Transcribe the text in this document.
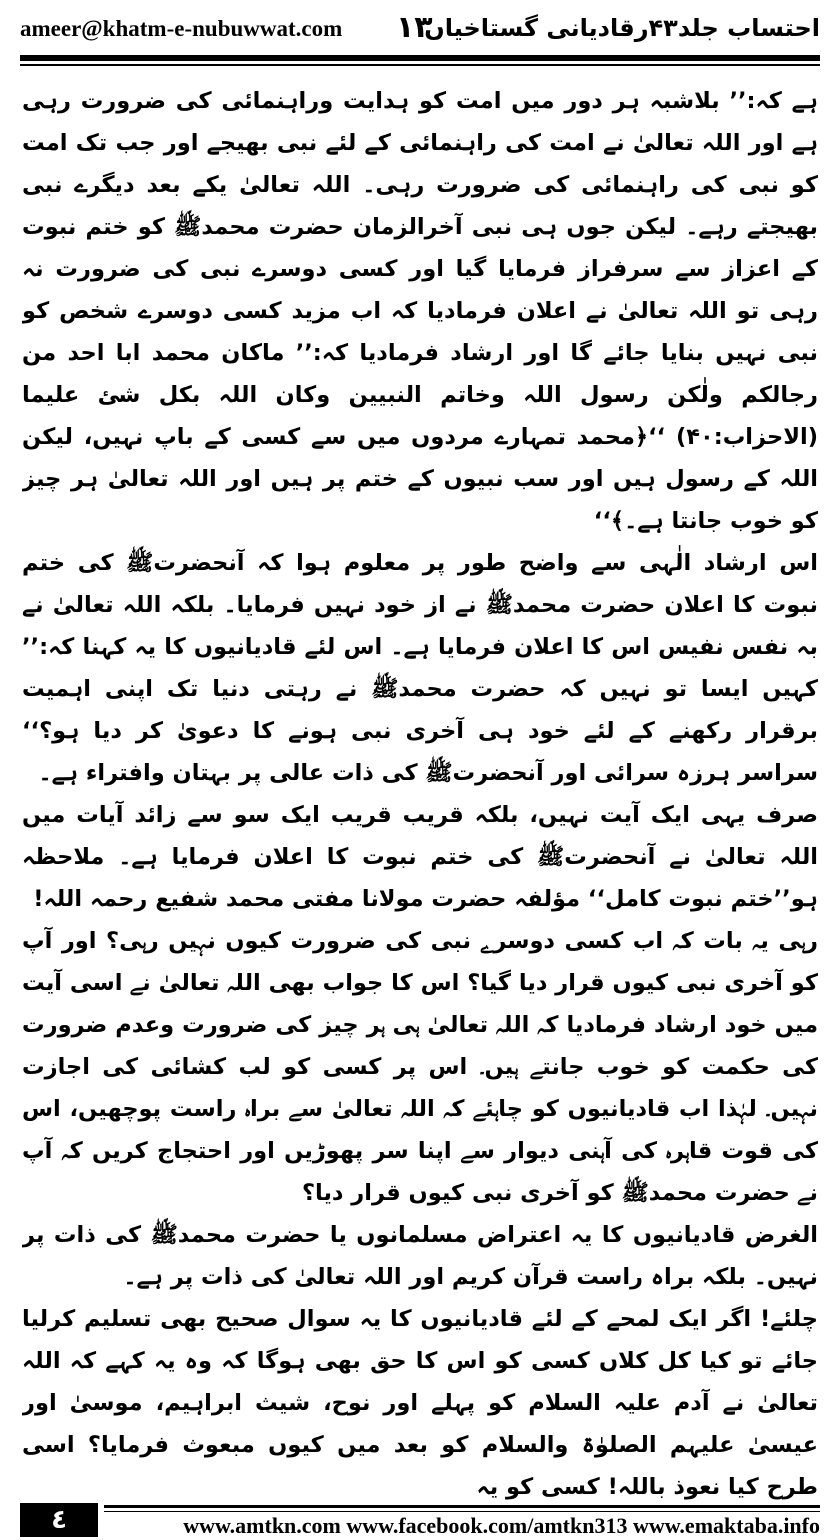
ameer@khatm-e-nubuwwat.com ۱۳
احتساب جلد۴۳رقادیانی گستاخیاں

ہے کہ:’’ بلاشبہ ہر دور میں امت کو ہدایت وراہنمائی کی ضرورت رہی ہے اور اللہ تعالیٰ نے امت کی راہنمائی کے لئے نبی بھیجے اور جب تک امت کو نبی کی راہنمائی کی ضرورت رہی۔ اللہ تعالیٰ یکے بعد دیگرے نبی بھیجتے رہے۔ لیکن جوں ہی نبی آخرالزمان حضرت محمدﷺ کو ختم نبوت کے اعزاز سے سرفراز فرمایا گیا اور کسی دوسرے نبی کی ضرورت نہ رہی تو اللہ تعالیٰ نے اعلان فرمادیا کہ اب مزید کسی دوسرے شخص کو نبی نہیں بنایا جائے گا اور ارشاد فرمادیا کہ:’’ ماکان محمد ابا احد من رجالکم ولٰکن رسول اللہ وخاتم النبیین وکان اللہ بکل شئ علیما (الاحزاب:۴۰) ‘‘﴿محمد تمہارے مردوں میں سے کسی کے باپ نہیں، لیکن اللہ کے رسول ہیں اور سب نبیوں کے ختم پر ہیں اور اللہ تعالیٰ ہر چیز کو خوب جانتا ہے۔﴾‘‘

اس ارشاد الٰہی سے واضح طور پر معلوم ہوا کہ آنحضرتﷺ کی ختم نبوت کا اعلان حضرت محمدﷺ نے از خود نہیں فرمایا۔ بلکہ اللہ تعالیٰ نے بہ نفس نفیس اس کا اعلان فرمایا ہے۔ اس لئے قادیانیوں کا یہ کہنا کہ:’’ کہیں ایسا تو نہیں کہ حضرت محمدﷺ نے رہتی دنیا تک اپنی اہمیت برقرار رکھنے کے لئے خود ہی آخری نبی ہونے کا دعویٰ کر دیا ہو؟‘‘ سراسر ہرزہ سرائی اور آنحضرتﷺ کی ذات عالی پر بہتان وافتراء ہے۔

صرف یہی ایک آیت نہیں، بلکہ قریب قریب ایک سو سے زائد آیات میں اللہ تعالیٰ نے آنحضرتﷺ کی ختم نبوت کا اعلان فرمایا ہے۔ ملاحظہ ہو’’ختم نبوت کامل‘‘ مؤلفہ حضرت مولانا مفتی محمد شفیع رحمہ اللہ!

رہی یہ بات کہ اب کسی دوسرے نبی کی ضرورت کیوں نہیں رہی؟ اور آپ کو آخری نبی کیوں قرار دیا گیا؟ اس کا جواب بھی اللہ تعالیٰ نے اسی آیت میں خود ارشاد فرمادیا کہ اللہ تعالیٰ ہی ہر چیز کی ضرورت وعدم ضرورت کی حکمت کو خوب جانتے ہیں۔ اس پر کسی کو لب کشائی کی اجازت نہیں۔ لہٰذا اب قادیانیوں کو چاہئے کہ اللہ تعالیٰ سے براہ راست پوچھیں، اس کی قوت قاہرہ کی آہنی دیوار سے اپنا سر پھوڑیں اور احتجاج کریں کہ آپ نے حضرت محمدﷺ کو آخری نبی کیوں قرار دیا؟

الغرض قادیانیوں کا یہ اعتراض مسلمانوں یا حضرت محمدﷺ کی ذات پر نہیں۔ بلکہ براہ راست قرآن کریم اور اللہ تعالیٰ کی ذات پر ہے۔

چلئے! اگر ایک لمحے کے لئے قادیانیوں کا یہ سوال صحیح بھی تسلیم کرلیا جائے تو کیا کل کلاں کسی کو اس کا حق بھی ہوگا کہ وہ یہ کہے کہ اللہ تعالیٰ نے آدم علیہ السلام کو پہلے اور نوح، شیث ابراہیم، موسیٰ اور عیسیٰ علیہم الصلوٰۃ والسلام کو بعد میں کیوں مبعوث فرمایا؟ اسی طرح کیا نعوذ باللہ! کسی کو یہ

٤	www.amtkn.com www.facebook.com/amtkn313 www.emaktaba.info
